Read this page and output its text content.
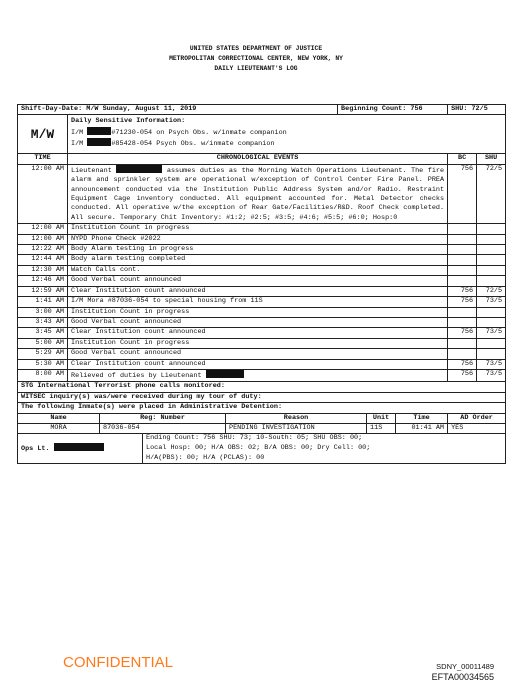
UNITED STATES DEPARTMENT OF JUSTICE
METROPOLITAN CORRECTIONAL CENTER, NEW YORK, NY
DAILY LIEUTENANT'S LOG
Shift-Day-Date: M/W Sunday, August 11, 2019					Beginning Count: 756			SHU: 72/5	
M/W	Daily Sensitive Information:
I/M #71230-054 on Psych Obs. w/inmate companion
I/M #85428-054 Psych Obs. w/inmate companion								

TIME	CHRONOLOGICAL EVENTS							BC	SHU
12:00 AM	Lieutenant assumes duties as the Morning Watch Operations Lieutenant. The fire alarm and sprinkler system are operational w/exception of Control Center Fire Panel. PREA announcement conducted via the Institution Public Address System and/or Radio. Restraint Equipment Cage inventory conducted. All equipment accounted for. Metal Detector checks conducted. All operative w/the exception of Rear Gate/Facilities/R&D. Roof Check completed. All secure. Temporary Chit Inventory: #1:2; #2:5; #3:5; #4:6; #5:5; #6:0; Hosp:0							756	72/5
12:00 AM	Institution Count in progress								
12:00 AM	NYPD Phone Check #2022								
12:22 AM	Body Alarm testing in progress								
12:44 AM	Body alarm testing completed								
12:30 AM	Watch Calls cont.								
12:46 AM	Good Verbal count announced								
12:59 AM	Clear Institution count announced							756	72/5
1:41 AM	I/M Mora #87036-054 to special housing from 11S							756	73/5
3:00 AM	Institution Count in progress								
3:43 AM	Good Verbal count announced								
3:45 AM	Clear Institution count announced							756	73/5
5:00 AM	Institution Count in progress								
5:29 AM	Good Verbal count announced								
5:30 AM	Clear Institution count announced							756	73/5
8:00 AM	Relieved of duties by Lieutenant							756	73/5
STG International Terrorist phone calls monitored:									
WITSEC inquiry(s) was/were received during my tour of duty:									
The following Inmate(s) were placed in Administrative Detention:									
Name		Reg: Number		Reason		Unit	Time	AD Order	
MORA		87036-054		PENDING INVESTIGATION		11S	01:41 AM	YES	
Ops Lt.			Ending Count: 756 SHU: 73; 10-South: 05; SHU OBS: 00;
Local Hosp: 00; H/A OBS: 02; B/A OBS: 00; Dry Cell: 00;
H/A(PBS): 00; H/A (PCLAS): 00						
CONFIDENTIAL	SDNY_00011489
EFTA00034565
